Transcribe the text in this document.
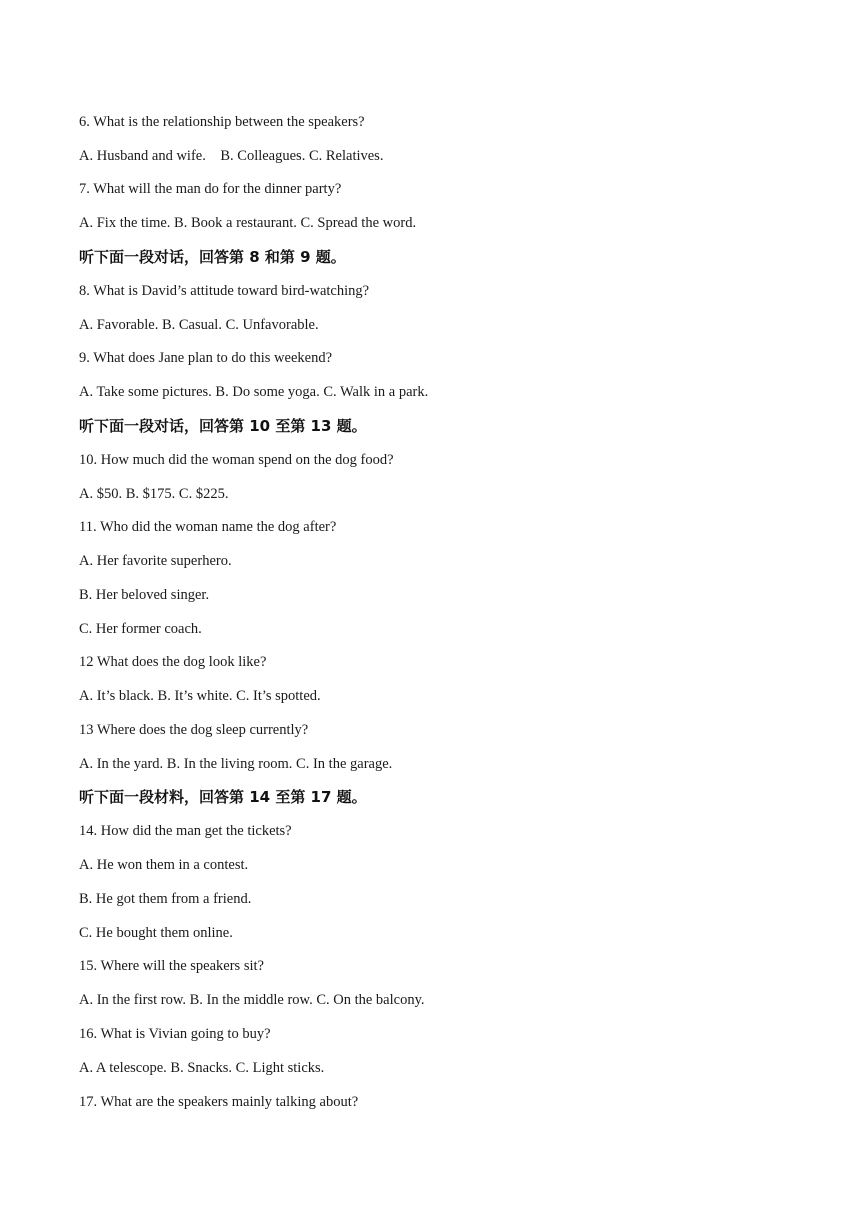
6. What is the relationship between the speakers?
A. Husband and wife.    B. Colleagues. C. Relatives.
7. What will the man do for the dinner party?
A. Fix the time. B. Book a restaurant. C. Spread the word.
听下面一段对话，回答第 8 和第 9 题。
8. What is David’s attitude toward bird-watching?
A. Favorable. B. Casual. C. Unfavorable.
9. What does Jane plan to do this weekend?
A. Take some pictures. B. Do some yoga. C. Walk in a park.
听下面一段对话，回答第 10 至第 13 题。
10. How much did the woman spend on the dog food?
A. $50. B. $175. C. $225.
11. Who did the woman name the dog after?
A. Her favorite superhero.
B. Her beloved singer.
C. Her former coach.
12 What does the dog look like?
A. It’s black. B. It’s white. C. It’s spotted.
13 Where does the dog sleep currently?
A. In the yard. B. In the living room. C. In the garage.
听下面一段材料，回答第 14 至第 17 题。
14. How did the man get the tickets?
A. He won them in a contest.
B. He got them from a friend.
C. He bought them online.
15. Where will the speakers sit?
A. In the first row. B. In the middle row. C. On the balcony.
16. What is Vivian going to buy?
A. A telescope. B. Snacks. C. Light sticks.
17. What are the speakers mainly talking about?
